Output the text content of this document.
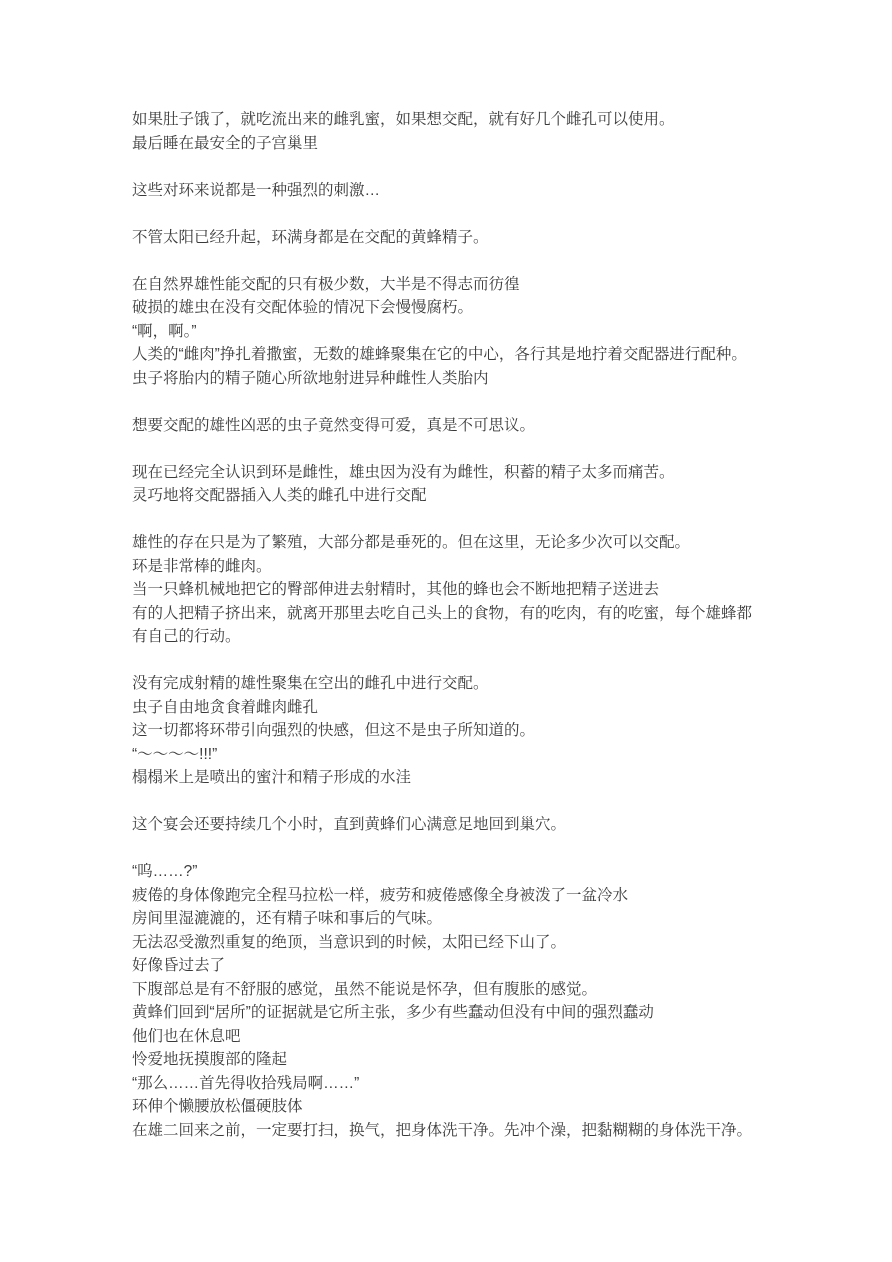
如果肚子饿了，就吃流出来的雌乳蜜，如果想交配，就有好几个雌孔可以使用。
最后睡在最安全的子宫巢里
这些对环来说都是一种强烈的刺激…
不管太阳已经升起，环满身都是在交配的黄蜂精子。
在自然界雄性能交配的只有极少数，大半是不得志而彷徨
破损的雄虫在没有交配体验的情况下会慢慢腐朽。
“啊，啊。”
人类的“雌肉”挣扎着撒蜜，无数的雄蜂聚集在它的中心，各行其是地拧着交配器进行配种。
虫子将胎内的精子随心所欲地射进异种雌性人类胎内
想要交配的雄性凶恶的虫子竟然变得可爱，真是不可思议。
现在已经完全认识到环是雌性，雄虫因为没有为雌性，积蓄的精子太多而痛苦。
灵巧地将交配器插入人类的雌孔中进行交配
雄性的存在只是为了繁殖，大部分都是垂死的。但在这里，无论多少次可以交配。
环是非常棒的雌肉。
当一只蜂机械地把它的臀部伸进去射精时，其他的蜂也会不断地把精子送进去
有的人把精子挤出来，就离开那里去吃自己头上的食物，有的吃肉，有的吃蜜，每个雄蜂都
有自己的行动。
没有完成射精的雄性聚集在空出的雌孔中进行交配。
虫子自由地贪食着雌肉雌孔
这一切都将环带引向强烈的快感，但这不是虫子所知道的。
“～～～～!!!”
榻榻米上是喷出的蜜汁和精子形成的水洼
这个宴会还要持续几个小时，直到黄蜂们心满意足地回到巢穴。
“呜……?”
疲倦的身体像跑完全程马拉松一样，疲劳和疲倦感像全身被泼了一盆冷水
房间里湿漉漉的，还有精子味和事后的气味。
无法忍受激烈重复的绝顶，当意识到的时候，太阳已经下山了。
好像昏过去了
下腹部总是有不舒服的感觉，虽然不能说是怀孕，但有腹胀的感觉。
黄蜂们回到“居所”的证据就是它所主张，多少有些蠢动但没有中间的强烈蠢动
他们也在休息吧
怜爱地抚摸腹部的隆起
“那么……首先得收拾残局啊……”
环伸个懒腰放松僵硬肢体
在雄二回来之前，一定要打扫，换气，把身体洗干净。先冲个澡，把黏糊糊的身体洗干净。
